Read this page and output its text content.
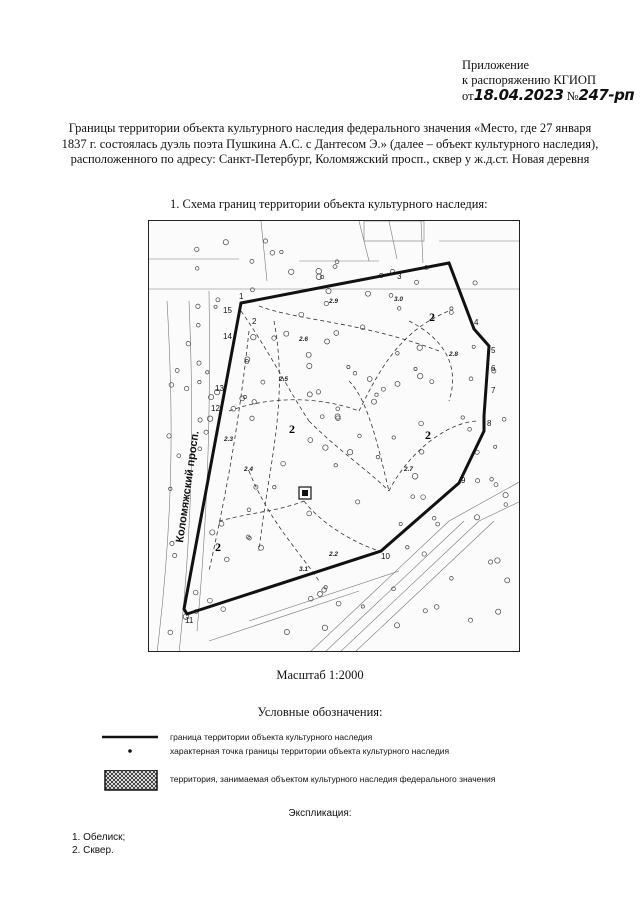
Приложение
к распоряжению КГИОП
от18.04.2023 №247-рп
Границы территории объекта культурного наследия федерального значения «Место, где 27 января 1837 г. состоялась дуэль поэта Пушкина А.С. с Дантесом Э.» (далее – объект культурного наследия), расположенного по адресу: Санкт-Петербург, Коломяжский просп., сквер у ж.д.ст. Новая деревня
1. Схема границ территории объекта культурного наследия:
2
2	2
2
Коломяжский просп.
1
2
3
4
5
6
7
8
9
10
11
12
13
14
15
2.6
2.5
2.3
2.7
2.9
2.8
3.0
2.4
2.2
3.1
Масштаб 1:2000
Условные обозначения:
граница территории объекта культурного наследия
характерная точка границы территории объекта культурного наследия
территория, занимаемая объектом культурного наследия федерального значения
Экспликация:
1. Обелиск;
2. Сквер.
